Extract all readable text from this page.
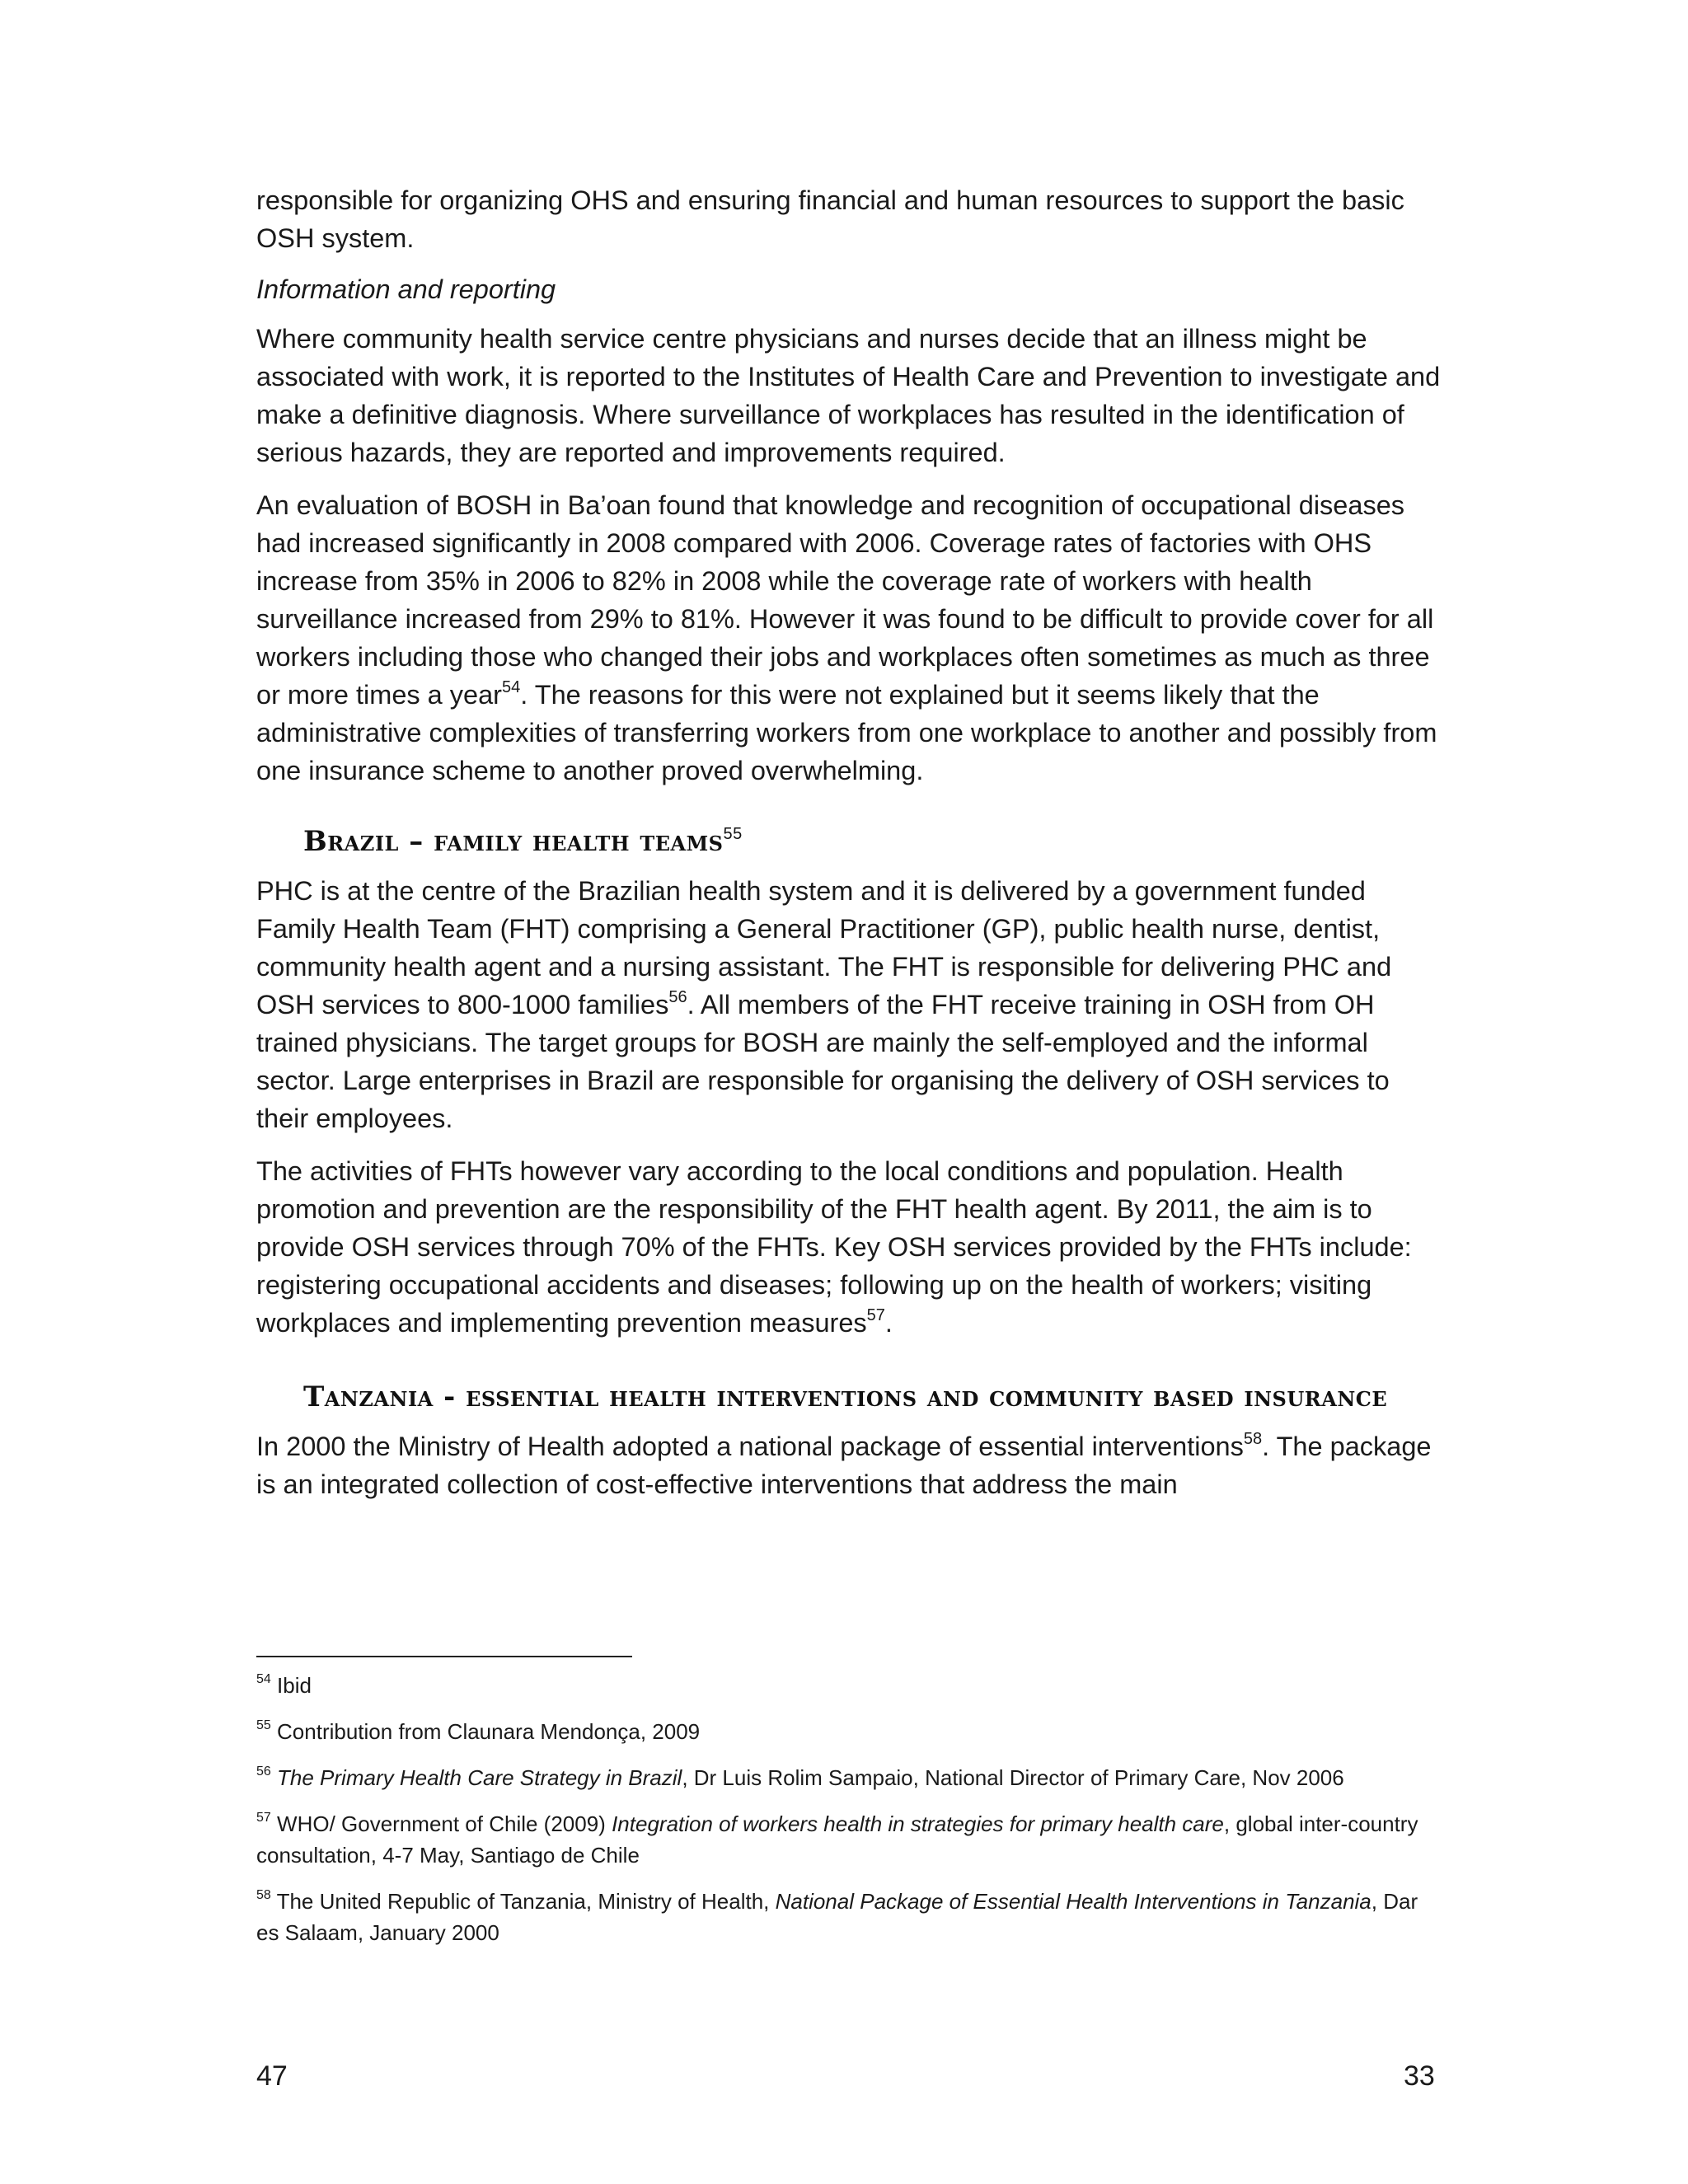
responsible for organizing OHS and ensuring financial and human resources to support the basic OSH system.

Information and reporting

Where community health service centre physicians and nurses decide that an illness might be associated with work, it is reported to the Institutes of Health Care and Prevention to investigate and make a definitive diagnosis. Where surveillance of workplaces has resulted in the identification of serious hazards, they are reported and improvements required.

An evaluation of BOSH in Ba’oan found that knowledge and recognition of occupational diseases had increased significantly in 2008 compared with 2006. Coverage rates of factories with OHS increase from 35% in 2006 to 82% in 2008 while the coverage rate of workers with health surveillance increased from 29% to 81%. However it was found to be difficult to provide cover for all workers including those who changed their jobs and workplaces often sometimes as much as three or more times a year$^{54}$. The reasons for this were not explained but it seems likely that the administrative complexities of transferring workers from one workplace to another and possibly from one insurance scheme to another proved overwhelming.

Brazil – family health teams$^{55}$

PHC is at the centre of the Brazilian health system and it is delivered by a government funded Family Health Team (FHT) comprising a General Practitioner (GP), public health nurse, dentist, community health agent and a nursing assistant. The FHT is responsible for delivering PHC and OSH services to 800-1000 families$^{56}$. All members of the FHT receive training in OSH from OH trained physicians. The target groups for BOSH are mainly the self-employed and the informal sector. Large enterprises in Brazil are responsible for organising the delivery of OSH services to their employees.

The activities of FHTs however vary according to the local conditions and population. Health promotion and prevention are the responsibility of the FHT health agent. By 2011, the aim is to provide OSH services through 70% of the FHTs. Key OSH services provided by the FHTs include: registering occupational accidents and diseases; following up on the health of workers; visiting workplaces and implementing prevention measures$^{57}$.

Tanzania - essential health interventions and community based insurance

In 2000 the Ministry of Health adopted a national package of essential interventions$^{58}$. The package is an integrated collection of cost-effective interventions that address the main

$^{54}$ Ibid
$^{55}$ Contribution from Claunara Mendonça, 2009
$^{56}$ The Primary Health Care Strategy in Brazil, Dr Luis Rolim Sampaio, National Director of Primary Care, Nov 2006
$^{57}$ WHO/ Government of Chile (2009) Integration of workers health in strategies for primary health care, global inter-country consultation, 4-7 May, Santiago de Chile
$^{58}$ The United Republic of Tanzania, Ministry of Health, National Package of Essential Health Interventions in Tanzania, Dar es Salaam, January 2000
47	33
